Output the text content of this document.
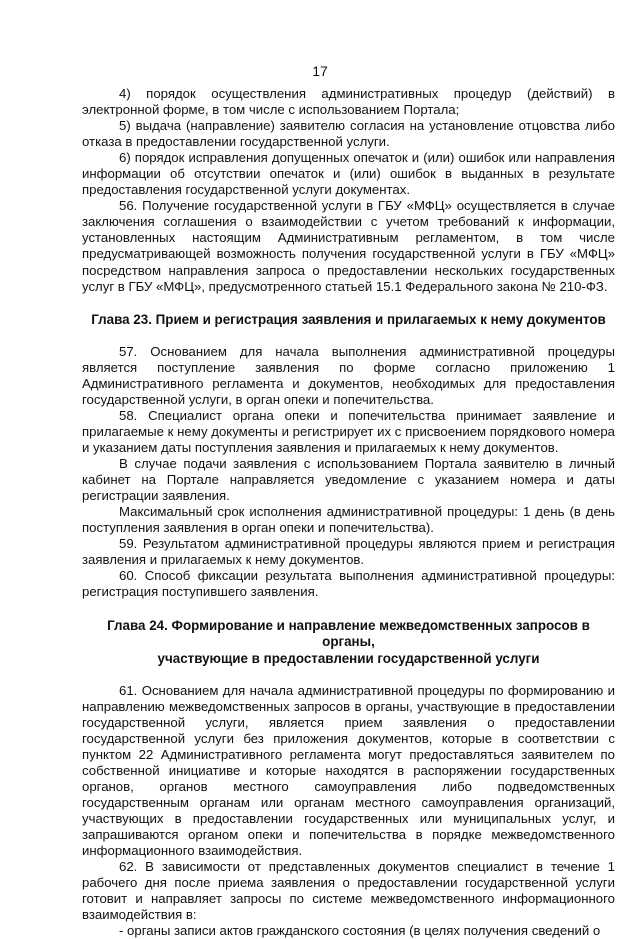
17

4) порядок осуществления административных процедур (действий) в электронной форме, в том числе с использованием Портала;

5) выдача (направление) заявителю согласия на установление отцовства либо отказа в предоставлении государственной услуги.

6) порядок исправления допущенных опечаток и (или) ошибок или направления информации об отсутствии опечаток и (или) ошибок в выданных в результате предоставления государственной услуги документах.

56. Получение государственной услуги в ГБУ «МФЦ» осуществляется в случае заключения соглашения о взаимодействии с учетом требований к информации, установленных настоящим Административным регламентом, в том числе предусматривающей возможность получения государственной услуги в ГБУ «МФЦ» посредством направления запроса о предоставлении нескольких государственных услуг в ГБУ «МФЦ», предусмотренного статьей 15.1 Федерального закона № 210-ФЗ.

Глава 23. Прием и регистрация заявления и прилагаемых к нему документов

57. Основанием для начала выполнения административной процедуры является поступление заявления по форме согласно приложению 1 Административного регламента и документов, необходимых для предоставления государственной услуги, в орган опеки и попечительства.

58. Специалист органа опеки и попечительства принимает заявление и прилагаемые к нему документы и регистрирует их с присвоением порядкового номера и указанием даты поступления заявления и прилагаемых к нему документов.

В случае подачи заявления с использованием Портала заявителю в личный кабинет на Портале направляется уведомление с указанием номера и даты регистрации заявления.

Максимальный срок исполнения административной процедуры: 1 день (в день поступления заявления в орган опеки и попечительства).

59. Результатом административной процедуры являются прием и регистрация заявления и прилагаемых к нему документов.

60. Способ фиксации результата выполнения административной процедуры: регистрация поступившего заявления.

Глава 24. Формирование и направление межведомственных запросов в органы,
участвующие в предоставлении государственной услуги

61. Основанием для начала административной процедуры по формированию и направлению межведомственных запросов в органы, участвующие в предоставлении государственной услуги, является прием заявления о предоставлении государственной услуги без приложения документов, которые в соответствии с пунктом 22 Административного регламента могут предоставляться заявителем по собственной инициативе и которые находятся в распоряжении государственных органов, органов местного самоуправления либо подведомственных государственным органам или органам местного самоуправления организаций, участвующих в предоставлении государственных или муниципальных услуг, и запрашиваются органом опеки и попечительства в порядке межведомственного информационного взаимодействия.

62. В зависимости от представленных документов специалист в течение 1 рабочего дня после приема заявления о предоставлении государственной услуги готовит и направляет запросы по системе межведомственного информационного взаимодействия в:

- органы записи актов гражданского состояния (в целях получения сведений о
